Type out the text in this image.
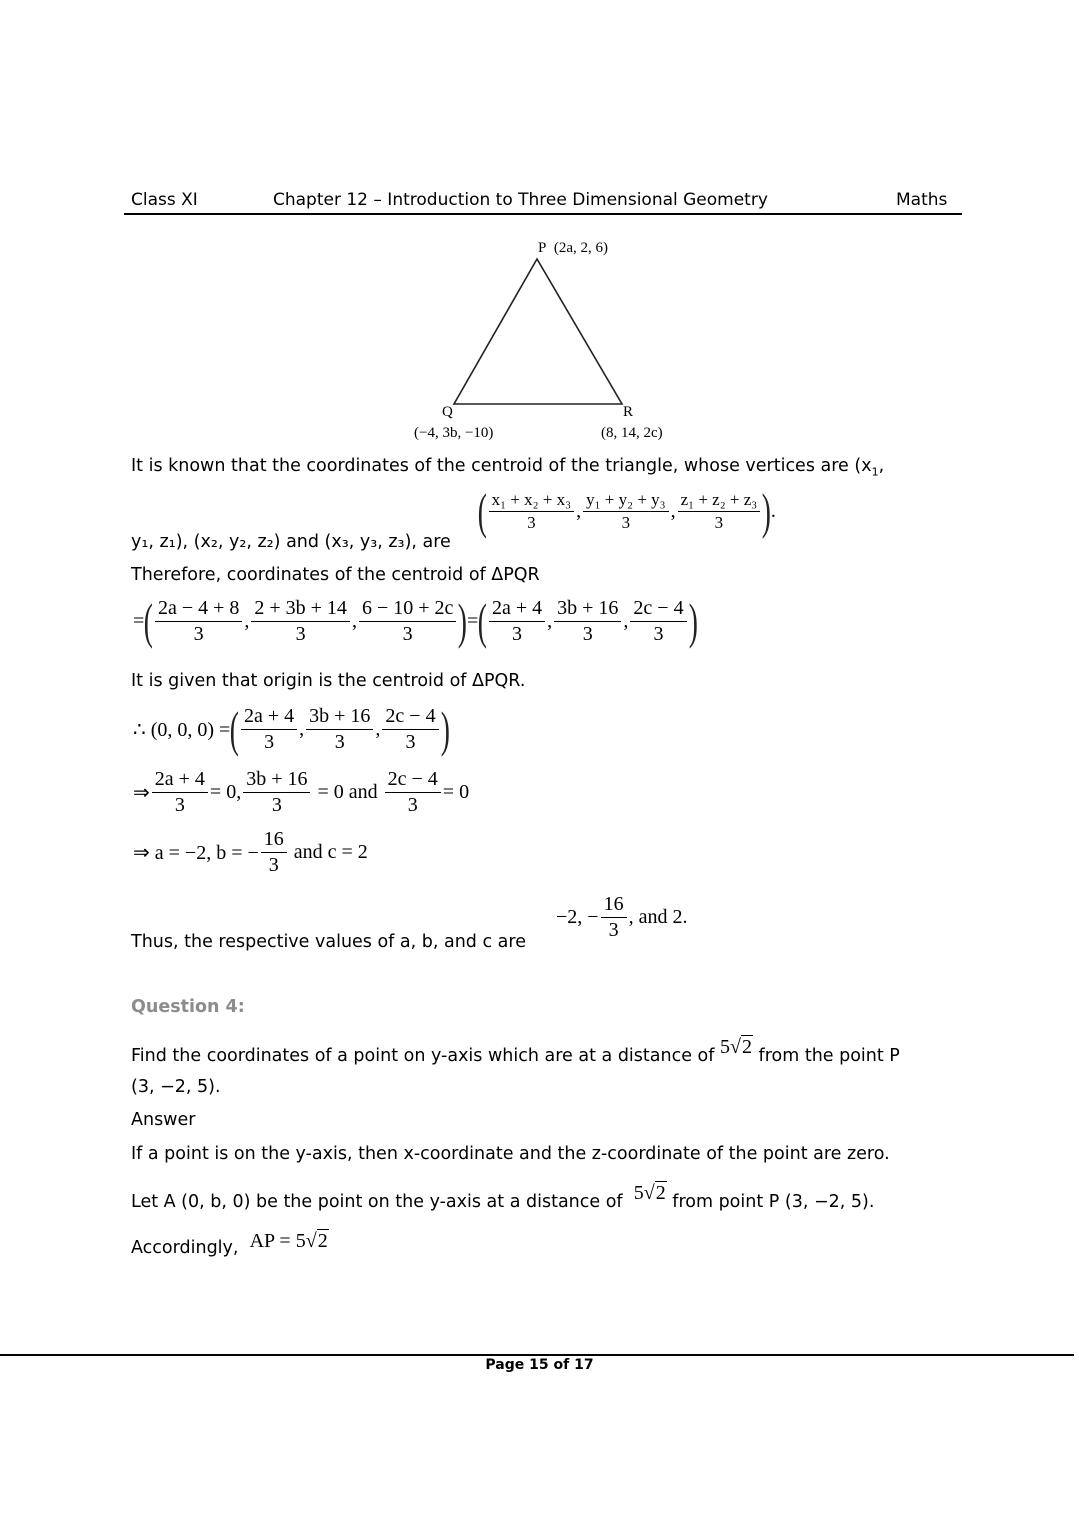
Class XI	Chapter 12 – Introduction to Three Dimensional Geometry	Maths
P (2a, 2, 6)
Q
(−4, 3b, −10)
R
(8, 14, 2c)
It is known that the coordinates of the centroid of the triangle, whose vertices are ($x_1$,
y₁, z₁), (x₂, y₂, z₂) and (x₃, y₃, z₃), are
( $\frac{\text{x₁ + x₂ + x₃}}{3}$ , $\frac{\text{y₁ + y₂ + y₃}}{3}$ , $\frac{\text{z₁ + z₂ + z₃}}{3}$ ) .
Therefore, coordinates of the centroid of ΔPQR
= ( $\frac{2a - 4 + 8}{3}$ , $\frac{2 + 3b + 14}{3}$ , $\frac{6 - 10 + 2c}{3}$ ) = ( $\frac{2a + 4}{3}$ , $\frac{3b + 16}{3}$ , $\frac{2c - 4}{3}$ )
It is given that origin is the centroid of ΔPQR.
∴ (0, 0, 0) = ( $\frac{2a + 4}{3}$ , $\frac{3b + 16}{3}$ , $\frac{2c - 4}{3}$ )
⇒ $\frac{2a + 4}{3} = 0$, $\frac{3b + 16}{3}$
= 0 and
$\frac{2c - 4}{3} = 0$
⇒ a = −2, b = − $\frac{16}{3}$
and c = 2
Thus, the respective values of a, b, and c are
−2, − $\frac{16}{3}$ , and 2.
Question 4:
Find the coordinates of a point on y-axis which are at a distance of 5√2 from the point P
(3, −2, 5).
Answer
If a point is on the y-axis, then x-coordinate and the z-coordinate of the point are zero.
Let A (0, b, 0) be the point on the y-axis at a distance of 5√2 from point P (3, −2, 5).
Accordingly, AP = 5√2
Page 15 of 17
